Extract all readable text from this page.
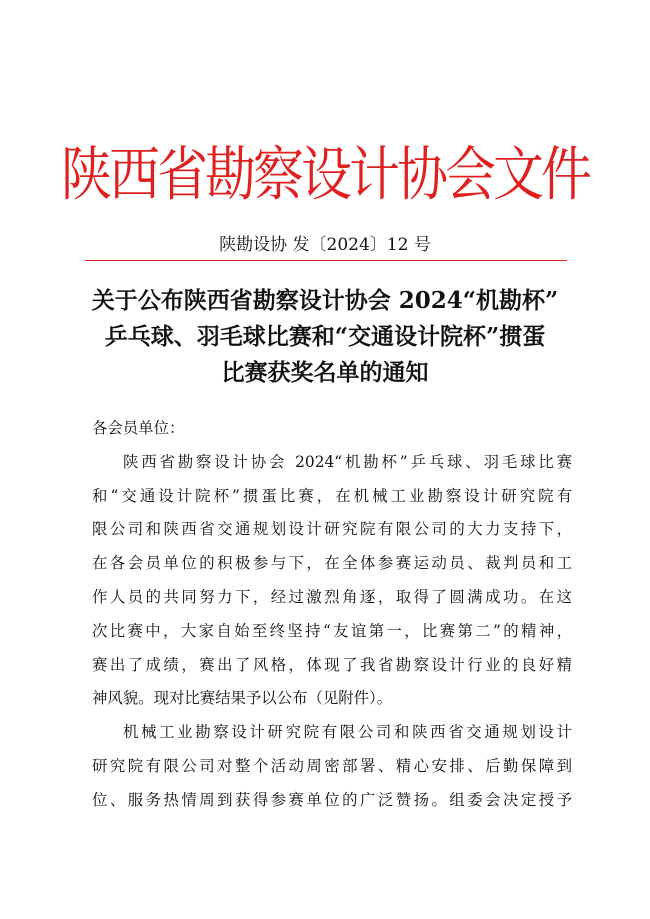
陕西省勘察设计协会文件
陕勘设协 发〔2024〕12 号
关于公布陕西省勘察设计协会 2024“机勘杯”
乒乓球、羽毛球比赛和“交通设计院杯”掼蛋
比赛获奖名单的通知
各会员单位：
陕西省勘察设计协会 2024“机勘杯”乒乓球、羽毛球比赛
和“交通设计院杯”掼蛋比赛，在机械工业勘察设计研究院有
限公司和陕西省交通规划设计研究院有限公司的大力支持下，
在各会员单位的积极参与下，在全体参赛运动员、裁判员和工
作人员的共同努力下，经过激烈角逐，取得了圆满成功。在这
次比赛中，大家自始至终坚持“友谊第一，比赛第二”的精神，
赛出了成绩，赛出了风格，体现了我省勘察设计行业的良好精
神风貌。现对比赛结果予以公布（见附件）。
机械工业勘察设计研究院有限公司和陕西省交通规划设计
研究院有限公司对整个活动周密部署、精心安排、后勤保障到
位、服务热情周到获得参赛单位的广泛赞扬。组委会决定授予
